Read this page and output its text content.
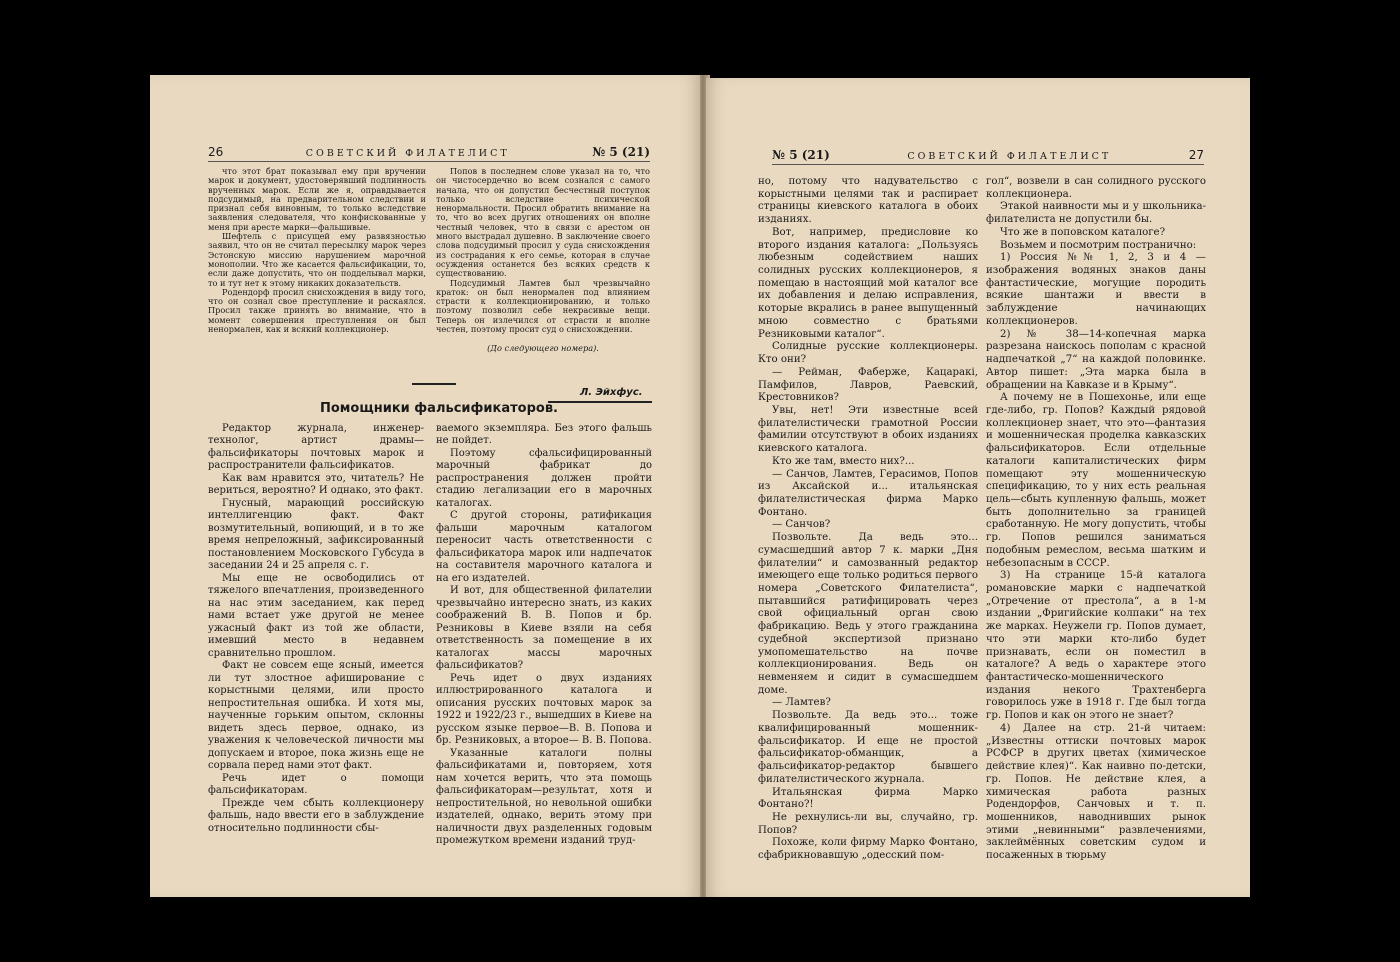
26	СОВЕТСКИЙ ФИЛАТЕЛИСТ	№ 5 (21)

что этот брат показывал ему при вручении марок и документ, удостоверявший подлинность врученных марок. Если же я, оправдывается подсудимый, на предварительном следствии и признал себя виновным, то только вследствие заявления следователя, что конфискованные у меня при аресте марки—фальшивые.

Шефтель с присущей ему развязностью заявил, что он не считал пересылку марок через Эстонскую миссию нарушением марочной монополии. Что же касается фальсификации, то, если даже допустить, что он подделывал марки, то и тут нет к этому никаких доказательств.

Родендорф просил снисхождения в виду того, что он сознал свое преступление и раскаялся. Просил также принять во внимание, что в момент совершения преступления он был ненормален, как и всякий коллекционер.

Попов в последнем слове указал на то, что он чистосердечно во всем сознался с самого начала, что он допустил бесчестный поступок только вследствие психической ненормальности. Просил обратить внимание на то, что во всех других отношениях он вполне честный человек, что в связи с арестом он много выстрадал душевно. В заключение своего слова подсудимый просил у суда снисхождения из сострадания к его семье, которая в случае осуждения останется без всяких средств к существованию.

Подсудимый Ламтев был чрезвычайно краток: он был ненормален под влиянием страсти к коллекционированию, и только поэтому позволил себе некрасивые вещи. Теперь он излечился от страсти и вполне честен, поэтому просит суд о снисхождении.

(До следующего номера).

Л. Эйхфус.
Помощники фальсификаторов.

Редактор журнала, инженер-технолог, артист драмы—фальсификаторы почтовых марок и распространители фальсификатов.

Как вам нравится это, читатель? Не вериться, вероятно? И однако, это факт.

Гнусный, марающий российскую интеллигенцию факт. Факт возмутительный, вопиющий, и в то же время непреложный, зафиксированный постановлением Московского Губсуда в заседании 24 и 25 апреля с. г.

Мы еще не освободились от тяжелого впечатления, произведенного на нас этим заседанием, как перед нами встает уже другой не менее ужасный факт из той же области, имевший место в недавнем сравнительно прошлом.

Факт не совсем еще ясный, имеется ли тут злостное афиширование с корыстными целями, или просто непростительная ошибка. И хотя мы, наученные горьким опытом, склонны видеть здесь первое, однако, из уважения к человеческой личности мы допускаем и второе, пока жизнь еще не сорвала перед нами этот факт.

Речь идет о помощи фальсификаторам.

Прежде чем сбыть коллекционеру фальшь, надо ввести его в заблуждение относительно подлинности сбы-

ваемого экземпляра. Без этого фальшь не пойдет.

Поэтому сфальсифицированный марочный фабрикат до распространения должен пройти стадию легализации его в марочных каталогах.

С другой стороны, ратификация фальши марочным каталогом переносит часть ответственности с фальсификатора марок или надпечаток на составителя марочного каталога и на его издателей.

И вот, для общественной филателии чрезвычайно интересно знать, из каких соображений В. В. Попов и бр. Резниковы в Киеве взяли на себя ответственность за помещение в их каталогах массы марочных фальсификатов?

Речь идет о двух изданиях иллюстрированного каталога и описания русских почтовых марок за 1922 и 1922/23 г., вышедших в Киеве на русском языке первое—В. В. Попова и бр. Резниковых, а второе— В. В. Попова.

Указанные каталоги полны фальсификатами и, повторяем, хотя нам хочется верить, что эта помощь фальсификаторам—результат, хотя и непростительной, но невольной ошибки издателей, однако, верить этому при наличности двух разделенных годовым промежутком времени изданий труд-

№ 5 (21)	СОВЕТСКИЙ ФИЛАТЕЛИСТ	27

но, потому что надувательство с корыстными целями так и распирает страницы киевского каталога в обоих изданиях.

Вот, например, предисловие ко второго издания каталога: „Пользуясь любезным содействием наших солидных русских коллекционеров, я помещаю в настоящий мой каталог все их добавления и делаю исправления, которые вкрались в ранее выпущенный мною совместно с братьями Резниковыми каталог“.

Солидные русские коллекционеры. Кто они?

— Рейман, Фаберже, Кацаракі, Памфилов, Лавров, Раевский, Крестовников?

Увы, нет! Эти известные всей филателистически грамотной России фамилии отсутствуют в обоих изданиях киевского каталога.

Кто же там, вместо них?...

— Санчов, Ламтев, Герасимов, Попов из Аксайской и... итальянская филателистическая фирма Марко Фонтано.

— Санчов?

Позвольте. Да ведь это... сумасшедший автор 7 к. марки „Дня филателии“ и самозванный редактор имеющего еще только родиться первого номера „Советского Филателиста“, пытавшийся ратифицировать через свой официальный орган свою фабрикацию. Ведь у этого гражданина судебной экспертизой признано умопомешательство на почве коллекционирования. Ведь он невменяем и сидит в сумасшедшем доме.

— Ламтев?

Позвольте. Да ведь это... тоже квалифицированный мошенник-фальсификатор. И еще не простой фальсификатор-обманщик, а фальсификатор-редактор бывшего филателистического журнала.

Итальянская фирма Марко Фонтано?!

Не рехнулись-ли вы, случайно, гр. Попов?

Похоже, коли фирму Марко Фонтано, сфабрикновавшую „одесский пом-

гол“, возвели в сан солидного русского коллекционера.

Этакой наивности мы и у школьника-филателиста не допустили бы.

Что же в поповском каталоге?

Возьмем и посмотрим постранично:

1) Россия №№ 1, 2, 3 и 4 — изображения водяных знаков даны фантастические, могущие породить всякие шантажи и ввести в заблуждение начинающих коллекционеров.

2) № 38—14-копечная марка разрезана наискось пополам с красной надпечаткой „7“ на каждой половинке. Автор пишет: „Эта марка была в обращении на Кавказе и в Крыму“.

А почему не в Пошехонье, или еще где-либо, гр. Попов? Каждый рядовой коллекционер знает, что это—фантазия и мошенническая проделка кавказских фальсификаторов. Если отдельные каталоги капиталистических фирм помещают эту мошенническую спецификацию, то у них есть реальная цель—сбыть купленную фальшь, может быть дополнительно за границей сработанную. Не могу допустить, чтобы гр. Попов решился заниматься подобным ремеслом, весьма шатким и небезопасным в СССР.

3) На странице 15-й каталога романовские марки с надпечаткой „Отречение от престола“, а в 1-м издании „Фригийские колпаки“ на тех же марках. Неужели гр. Попов думает, что эти марки кто-либо будет признавать, если он поместил в каталоге? А ведь о характере этого фантастическо-мошеннического издания некого Трахтенберга говорилось уже в 1918 г. Где был тогда гр. Попов и как он этого не знает?

4) Далее на стр. 21-й читаем: „Известны оттиски почтовых марок РСФСР в других цветах (химическое действие клея)“. Как наивно по-детски, гр. Попов. Не действие клея, а химическая работа разных Родендорфов, Санчовых и т. п. мошенников, наводнивших рынок этими „невинными“ развлечениями, заклеймённых советским судом и посаженных в тюрьму
